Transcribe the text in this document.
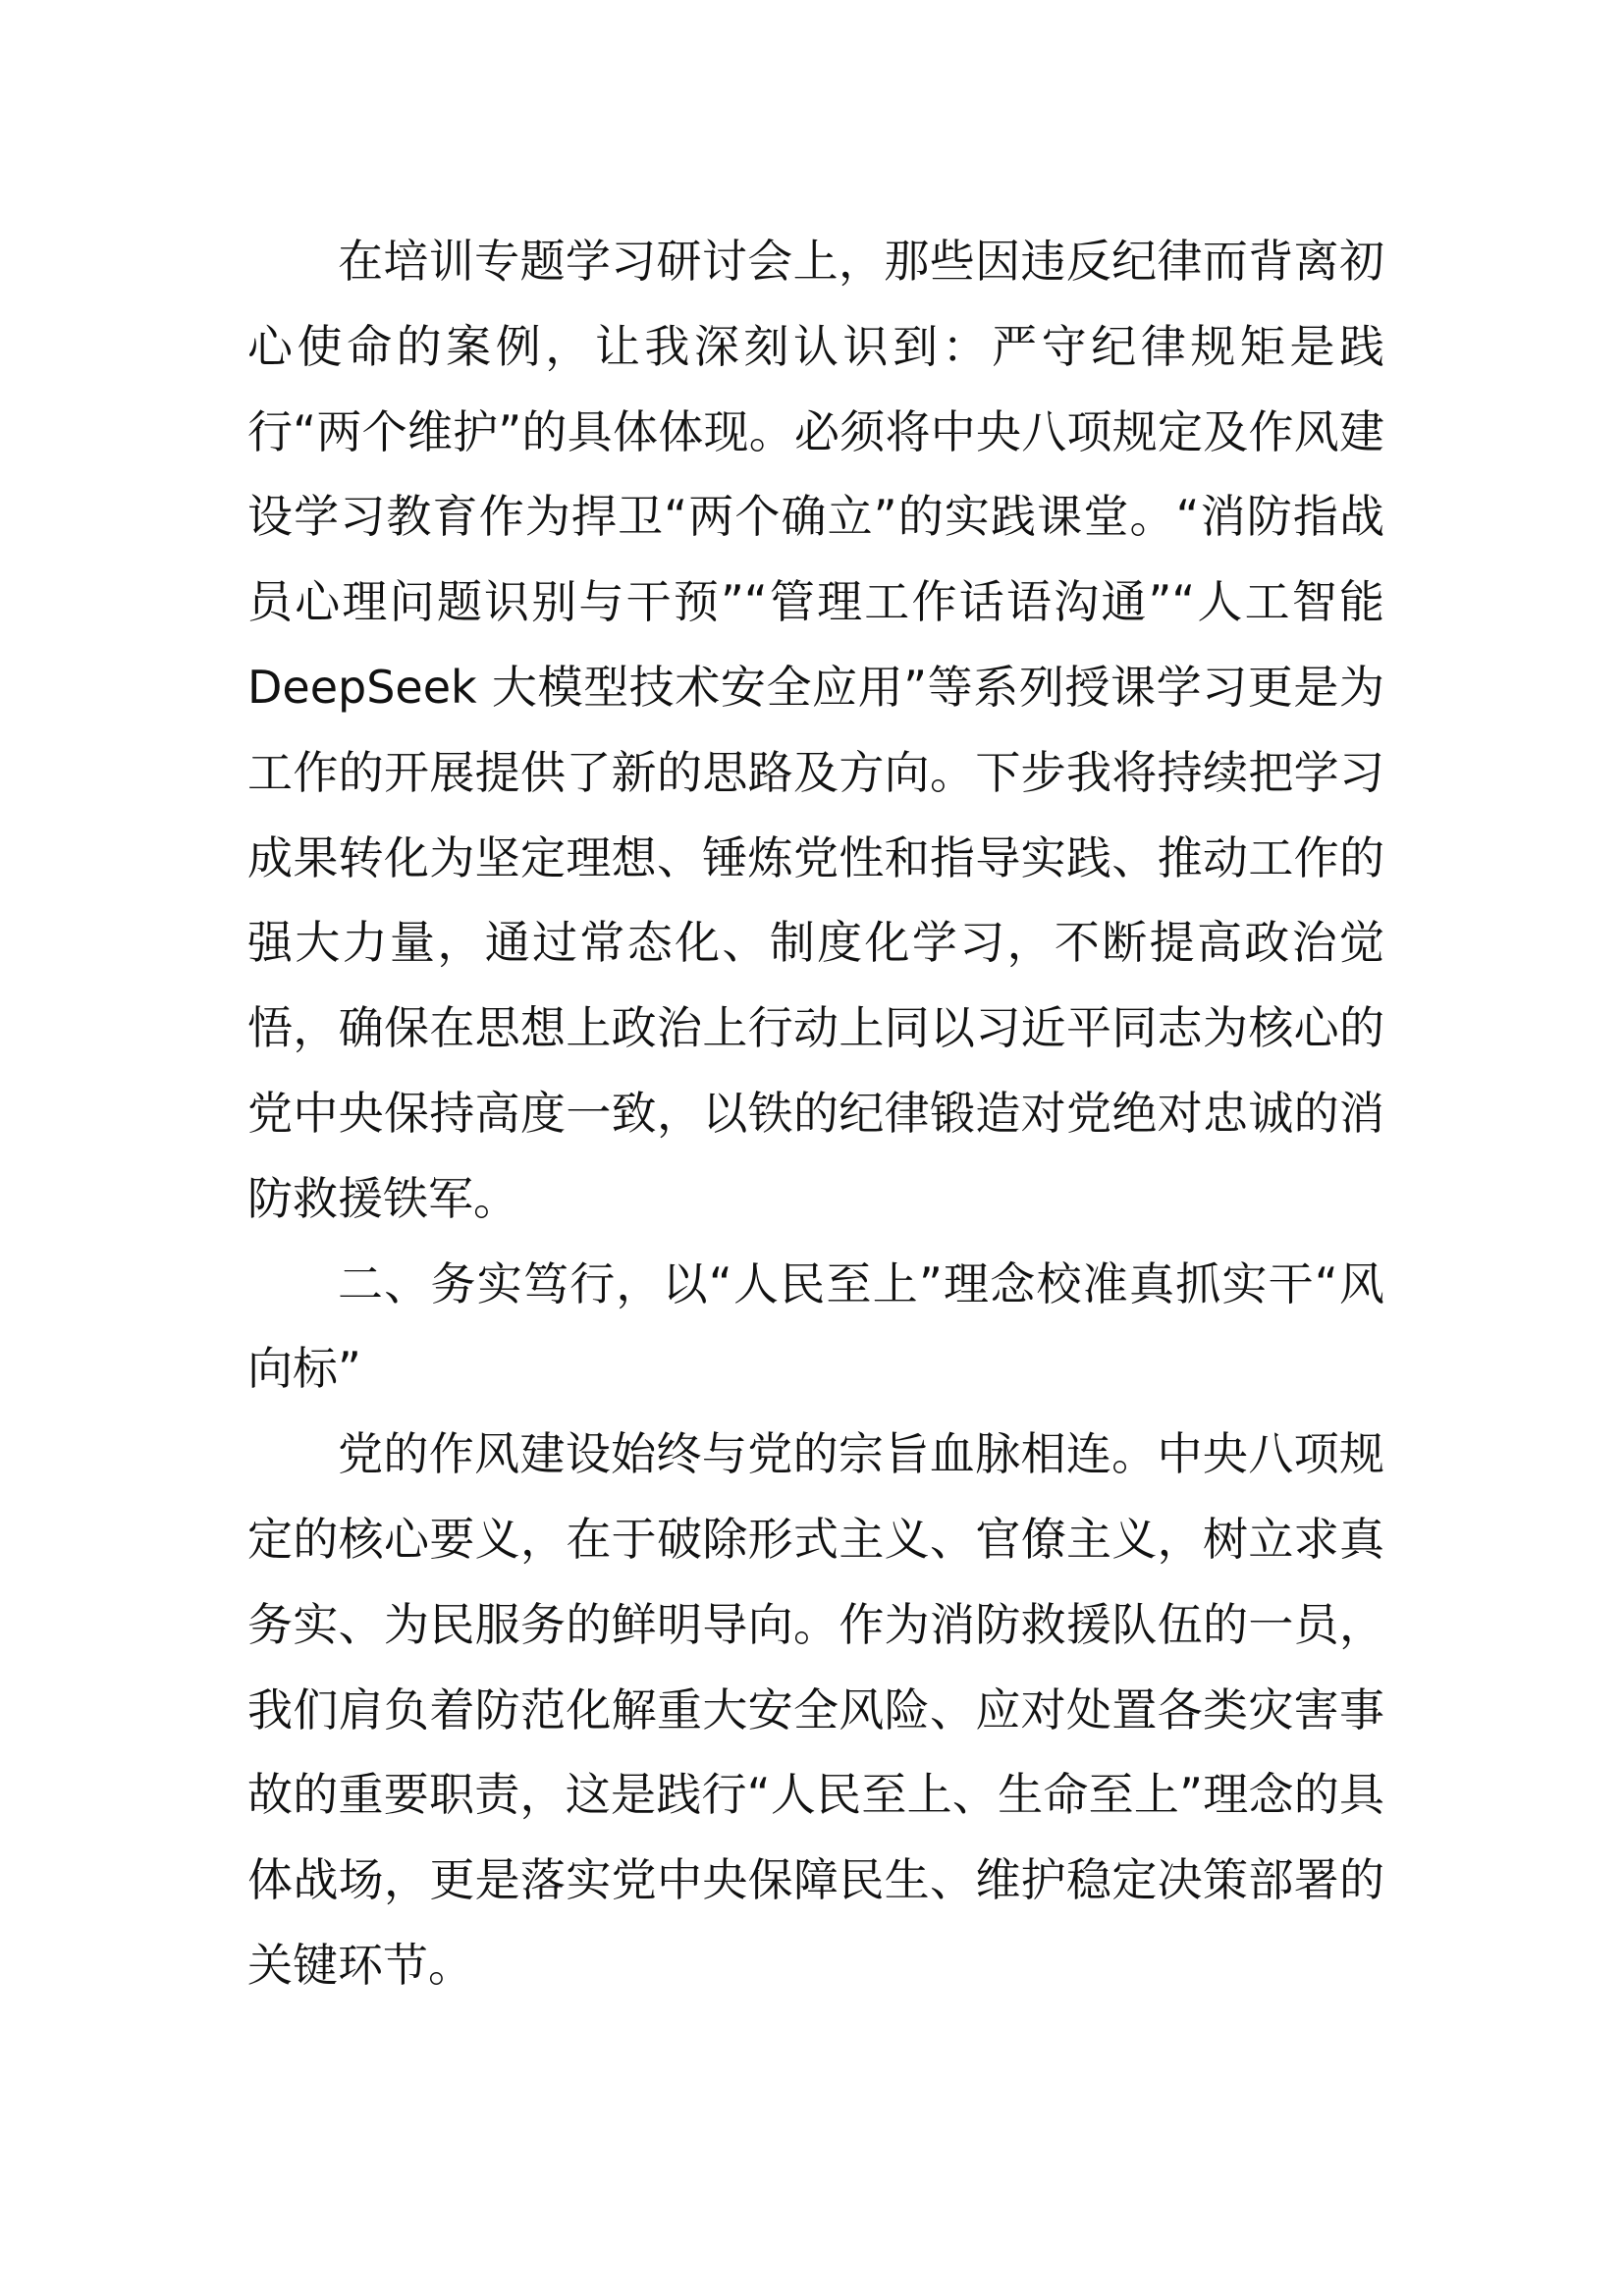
在培训专题学习研讨会上，那些因违反纪律而背离初心使命的案例，让我深刻认识到：严守纪律规矩是践行“两个维护”的具体体现。必须将中央八项规定及作风建设学习教育作为捍卫“两个确立”的实践课堂。“消防指战员心理问题识别与干预”“管理工作话语沟通”“人工智能 DeepSeek 大模型技术安全应用”等系列授课学习更是为工作的开展提供了新的思路及方向。下步我将持续把学习成果转化为坚定理想、锤炼党性和指导实践、推动工作的强大力量，通过常态化、制度化学习，不断提高政治觉悟，确保在思想上政治上行动上同以习近平同志为核心的党中央保持高度一致，以铁的纪律锻造对党绝对忠诚的消防救援铁军。

二、务实笃行，以“人民至上”理念校准真抓实干“风向标”

党的作风建设始终与党的宗旨血脉相连。中央八项规定的核心要义，在于破除形式主义、官僚主义，树立求真务实、为民服务的鲜明导向。作为消防救援队伍的一员，我们肩负着防范化解重大安全风险、应对处置各类灾害事故的重要职责，这是践行“人民至上、生命至上”理念的具体战场，更是落实党中央保障民生、维护稳定决策部署的关键环节。
